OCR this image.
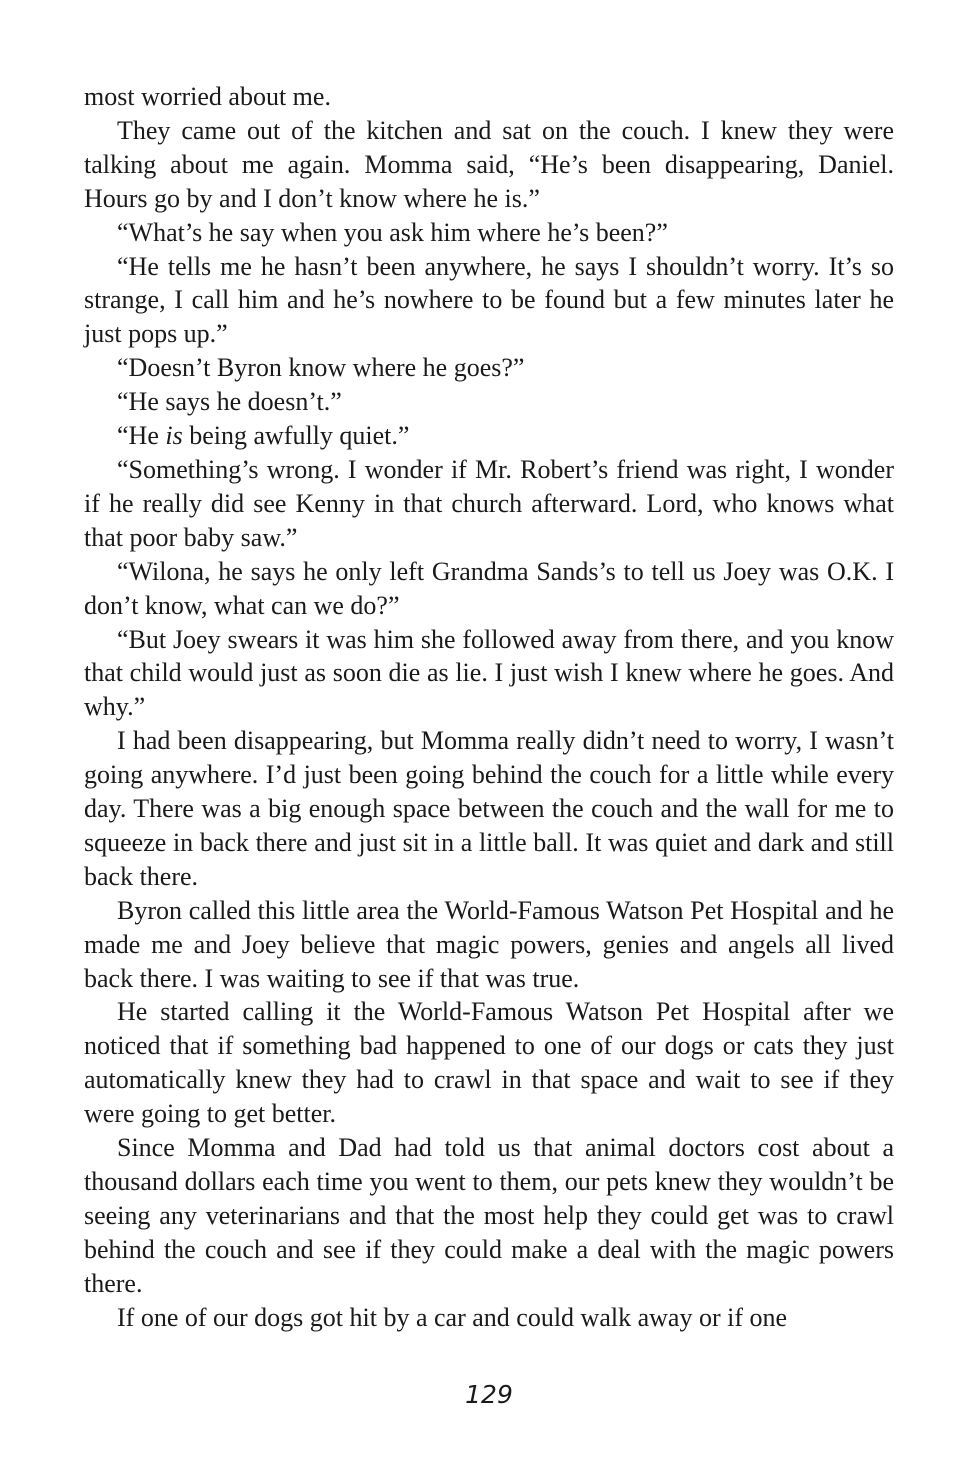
most worried about me.

They came out of the kitchen and sat on the couch. I knew they were talking about me again. Momma said, “He’s been disappearing, Daniel. Hours go by and I don’t know where he is.”

“What’s he say when you ask him where he’s been?”

“He tells me he hasn’t been anywhere, he says I shouldn’t worry. It’s so strange, I call him and he’s nowhere to be found but a few minutes later he just pops up.”

“Doesn’t Byron know where he goes?”

“He says he doesn’t.”

“He is being awfully quiet.”

“Something’s wrong. I wonder if Mr. Robert’s friend was right, I wonder if he really did see Kenny in that church afterward. Lord, who knows what that poor baby saw.”

“Wilona, he says he only left Grandma Sands’s to tell us Joey was O.K. I don’t know, what can we do?”

“But Joey swears it was him she followed away from there, and you know that child would just as soon die as lie. I just wish I knew where he goes. And why.”

I had been disappearing, but Momma really didn’t need to worry, I wasn’t going anywhere. I’d just been going behind the couch for a little while every day. There was a big enough space between the couch and the wall for me to squeeze in back there and just sit in a little ball. It was quiet and dark and still back there.

Byron called this little area the World-Famous Watson Pet Hospital and he made me and Joey believe that magic powers, genies and angels all lived back there. I was waiting to see if that was true.

He started calling it the World-Famous Watson Pet Hospital after we noticed that if something bad happened to one of our dogs or cats they just automatically knew they had to crawl in that space and wait to see if they were going to get better.

Since Momma and Dad had told us that animal doctors cost about a thousand dollars each time you went to them, our pets knew they wouldn’t be seeing any veterinarians and that the most help they could get was to crawl behind the couch and see if they could make a deal with the magic powers there.

If one of our dogs got hit by a car and could walk away or if one

129
